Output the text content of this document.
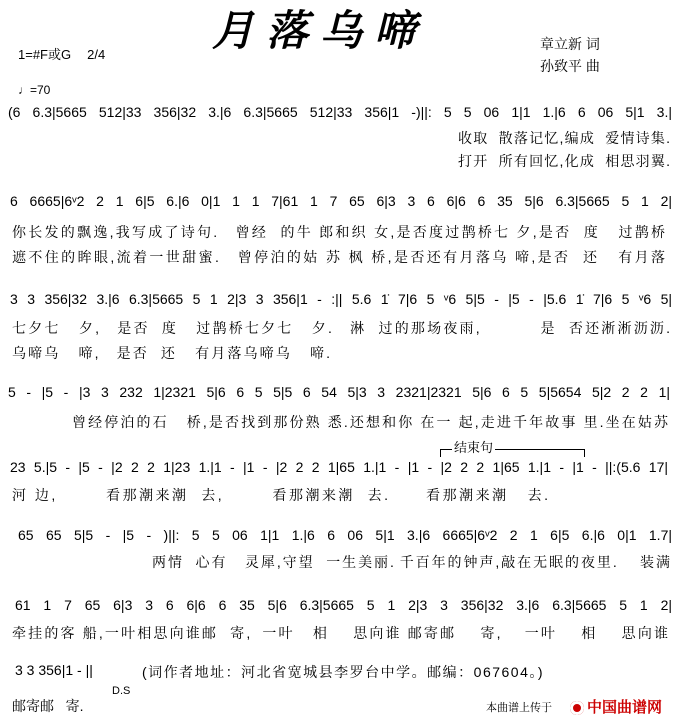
月落乌啼
1=#F或G 2/4
章立新 词
孙致平 曲
♩=70
(6 6.3|5665 512|33 356|32 3.|6 6.3|5665 512|33 356|1 -)||: 5 5 06 1|1 1.|6 6 06 5|1 3.|
收取  散落记忆,编成  爱情诗集.
打开  所有回忆,化成  相思羽翼.
6 6665|6ᵛ2 2 1 6|5 6.|6 0|1 1 1 7|61 1 7 65 6|3 3 6 6|6 6 35 5|6 6.3|5665 5 1 2|
你长发的飘逸,我写成了诗句.   曾经  的牛 郎和织 女,是否度过鹊桥七 夕,是否  度   过鹊桥
遮不住的眸眼,流着一世甜蜜.   曾停泊的姑 苏 枫 桥,是否还有月落乌 啼,是否  还   有月落
3 3 356|32 3.|6 6.3|5665 5 1 2|3 3 356|1 - :|| 5.6 1̇ 7|6 5 ᵛ6 5|5 - |5 - |5.6 1̇ 7|6 5 ᵛ6 5|
七夕七   夕,   是否  度   过鹊桥七夕七   夕.   淋  过的那场夜雨,          是  否还淅淅沥沥.
乌啼乌   啼,   是否  还   有月落乌啼乌   啼.
5 - |5 - |3 3 232 1|2321 5|6 6 5 5|5 6 54 5|3 3 2321|2321 5|6 6 5 5|5654 5|2 2 2 1|
曾经停泊的石   桥,是否找到那份熟 悉.还想和你 在一 起,走进千年故事 里.坐在姑苏
结束句
23 5.|5 - |5 - |2 2 2 1|23 1.|1 - |1 - |2 2 2 1|65 1.|1 - |1 - |2 2 2 1|65 1.|1 - |1 - ||:(5.6 17|
河 边,        看那潮来潮  去,        看那潮来潮  去.      看那潮来潮   去.
65 65 5|5 - |5 - )||: 5 5 06 1|1 1.|6 6 06 5|1 3.|6 6665|6ᵛ2 2 1 6|5 6.|6 0|1 1.7|
两情  心有   灵犀,守望  一生美丽. 千百年的钟声,敲在无眠的夜里.    装满
61 1 7 65 6|3 3 6 6|6 6 35 5|6 6.3|5665 5 1 2|3 3 356|32 3.|6 6.3|5665 5 1 2|
牵挂的客 船,一叶相思向谁邮  寄,  一叶   相    思向谁 邮寄邮    寄,    一叶    相    思向谁
3 3 356|1 - ||
D.S
(词作者地址：河北省宽城县李罗台中学。邮编：067604。)
邮寄邮   寄.	本曲谱上传于 中国曲谱网
